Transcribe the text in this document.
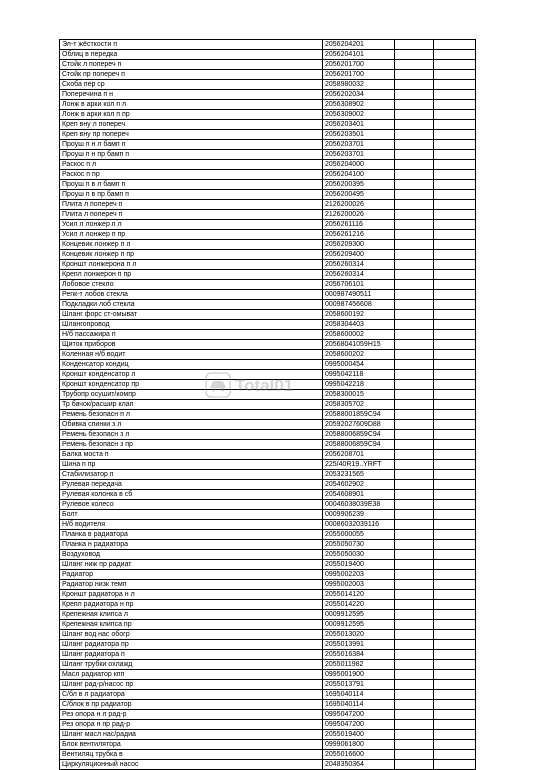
Эл-т жёсткости п	2056204201		
Облиц в передка	2056204101		
Стойк л попереч п	2056201700		
Стойк пр попереч п	2056201700		
Скоба пер ср	2058980032		
Поперечина п н	2056202034		
Лонж в арки кол п л	2056308902		
Лонж в арки кол п пр	2056309002		
Креп вну л попереч	2056203401		
Креп вну пр попереч	2056203501		
Проуш п н л бамп п	2056203701		
Проуш п н пр бамп п	2056203701		
Раскос п л	2056204000		
Раскос п пр	2056204100		
Проуш п в л бамп п	2056200395		
Проуш п в пр бамп п	2056200495		
Плита л попереч п	2126200026		
Плита л попереч п	2126200026		
Усил л лонжер п л	2056261116		
Усил л лонжер п пр	2056261216		
Концевик лонжер п л	2056209300		
Концевик лонжер п пр	2056209400		
Кроншт лонжерона п л	2056260314		
Крепл лонжерон п пр	2056260314		
Лобовое стекло	2056706101		
Реnк-т лобов стекла	000987490511		
Подкладки лоб стекла	000987456608		
Шланг форс ст-омыват	2058600192		
Шлангопровод	2058304403		
Н/б пассажира п	2058600002		
Щиток приборов	20568041059H15		
Коленная н/б водит	2058600202		
Конденсатор кондиц	0995000454		
Кроншт конденсатор л	0995042118		
Кроншт конденсатор пр	0995042218		
Трубопр осушит/компр	2058300015		
Тр бачок/расшир клап	2058305702		
Ремень безопасн п л	20588001859C94		
Обивка спинки з л	20592027609D88		
Ремень безопасн з л	20588006859C94		
Ремень безопасн з пр	20588006859C94		
Балка моста п	2056208701		
Шина п пр	225/40R19..YRFT		
Стабилизатор п	2053231565		
Рулевая передача	2054602902		
Рулевая колонка в сб	2054608901		
Рулевое колесо	00046038039E38		
Болт	0009906239		
Н/б водителя	00086032039116		
Планка в радиатора	2055000055		
Планка н радиатора	2055050730		
Воздуховод	2055050030		
Шланг ниж пр радиат	2055019400		
Радиатор	0995002203		
Радиатор низк темп	0995002003		
Кроншт радиатора н л	2055014120		
Крепл радиатора н пр	2055014220		
Крепежная клипса л	0009912595		
Крепежная клипса пр	0009912595		
Шланг вод нас обогр	2055013020		
Шланг радиатора пр	2055013991		
Шланг радиатора п	2055016384		
Шланг трубки охлажд	2055011982		
Масл радиатор кпп	0995001900		
Шланг рад-р/насос пр	2055013791		
С/бл в л радиатора	1695040114		
С/блок в пр радиатор	1695040114		
Рез опора н л рад-р	0995047200		
Рез опора н пр рад-р	0995047200		
Шланг масл нас/радиа	2055019400		
Блок вентилятора	0999061800		
Вентиляц трубка в	2055016600		
Циркуляционный насос	2048350364		
Total01
